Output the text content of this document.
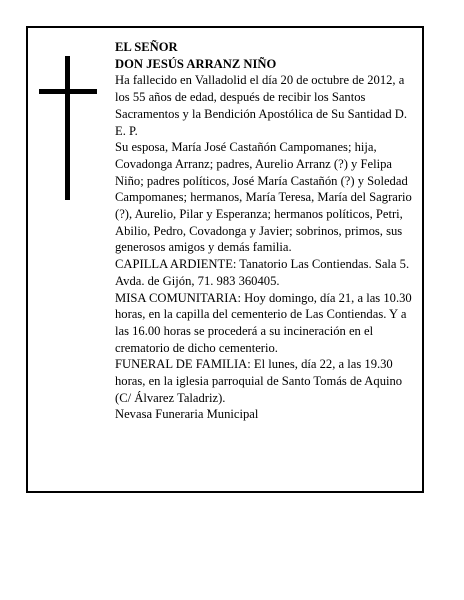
EL SEÑOR

DON JESÚS ARRANZ NIÑO

Ha fallecido en Valladolid el día 20 de octubre de 2012, a los 55 años de edad, después de recibir los Santos Sacramentos y la Bendición Apostólica de Su Santidad D. E. P.

Su esposa, María José Castañón Campomanes; hija, Covadonga Arranz; padres, Aurelio Arranz (?) y Felipa Niño; padres políticos, José María Castañón (?) y Soledad Campomanes; hermanos, María Teresa, María del Sagrario (?), Aurelio, Pilar y Esperanza; hermanos políticos, Petri, Abilio, Pedro, Covadonga y Javier; sobrinos, primos, sus generosos amigos y demás familia.

CAPILLA ARDIENTE: Tanatorio Las Contiendas. Sala 5. Avda. de Gijón, 71. 983 360405.

MISA COMUNITARIA: Hoy domingo, día 21, a las 10.30 horas, en la capilla del cementerio de Las Contiendas. Y a las 16.00 horas se procederá a su incineración en el crematorio de dicho cementerio.

FUNERAL DE FAMILIA: El lunes, día 22, a las 19.30 horas, en la iglesia parroquial de Santo Tomás de Aquino (C/ Álvarez Taladriz).

Nevasa Funeraria Municipal
